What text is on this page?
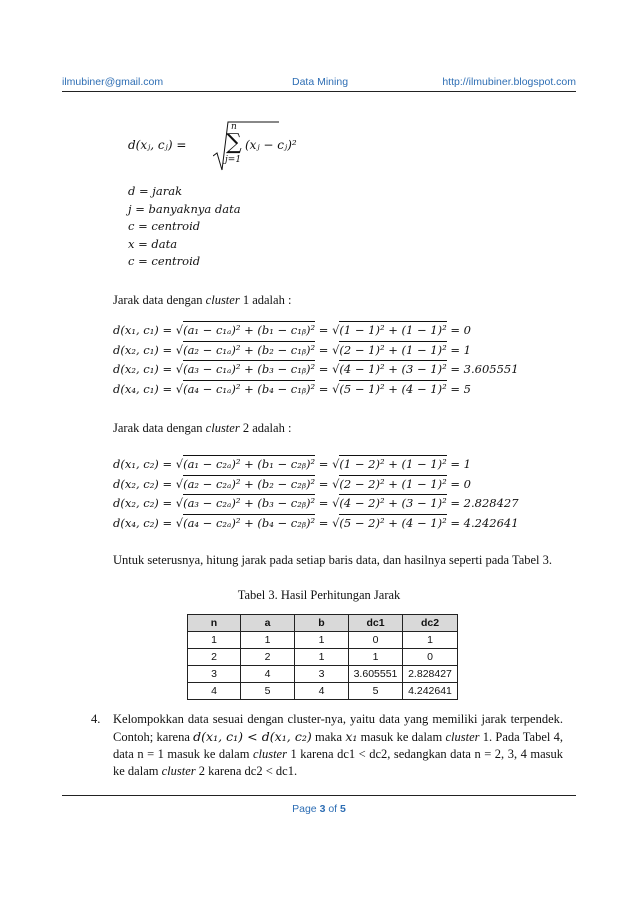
ilmubiner@gmail.com	Data Mining	http://ilmubiner.blogspot.com
d(xⱼ, cⱼ) =
n
∑
j=1
(xⱼ − cⱼ)²
d = jarak
j = banyaknya data
c = centroid
x = data
c = centroid
Jarak data dengan cluster 1 adalah :
d(x₁, c₁) = √(a₁ − c₁ₐ)² + (b₁ − c₁ᵦ)² = √(1 − 1)² + (1 − 1)² = 0
d(x₂, c₁) = √(a₂ − c₁ₐ)² + (b₂ − c₁ᵦ)² = √(2 − 1)² + (1 − 1)² = 1
d(x₂, c₁) = √(a₃ − c₁ₐ)² + (b₃ − c₁ᵦ)² = √(4 − 1)² + (3 − 1)² = 3.605551
d(x₄, c₁) = √(a₄ − c₁ₐ)² + (b₄ − c₁ᵦ)² = √(5 − 1)² + (4 − 1)² = 5
Jarak data dengan cluster 2 adalah :
d(x₁, c₂) = √(a₁ − c₂ₐ)² + (b₁ − c₂ᵦ)² = √(1 − 2)² + (1 − 1)² = 1
d(x₂, c₂) = √(a₂ − c₂ₐ)² + (b₂ − c₂ᵦ)² = √(2 − 2)² + (1 − 1)² = 0
d(x₂, c₂) = √(a₃ − c₂ₐ)² + (b₃ − c₂ᵦ)² = √(4 − 2)² + (3 − 1)² = 2.828427
d(x₄, c₂) = √(a₄ − c₂ₐ)² + (b₄ − c₂ᵦ)² = √(5 − 2)² + (4 − 1)² = 4.242641
Untuk seterusnya, hitung jarak pada setiap baris data, dan hasilnya seperti pada Tabel 3.
Tabel 3. Hasil Perhitungan Jarak
n	a	b	dc1	dc2
1	1	1	0	1
2	2	1	1	0
3	4	3	3.605551	2.828427
4	5	4	5	4.242641
4. Kelompokkan data sesuai dengan cluster-nya, yaitu data yang memiliki jarak terpendek. Contoh; karena d(x₁, c₁) < d(x₁, c₂) maka x₁ masuk ke dalam cluster 1. Pada Tabel 4, data n = 1 masuk ke dalam cluster 1 karena dc1 < dc2, sedangkan data n = 2, 3, 4 masuk ke dalam cluster 2 karena dc2 < dc1.
Page 3 of 5
